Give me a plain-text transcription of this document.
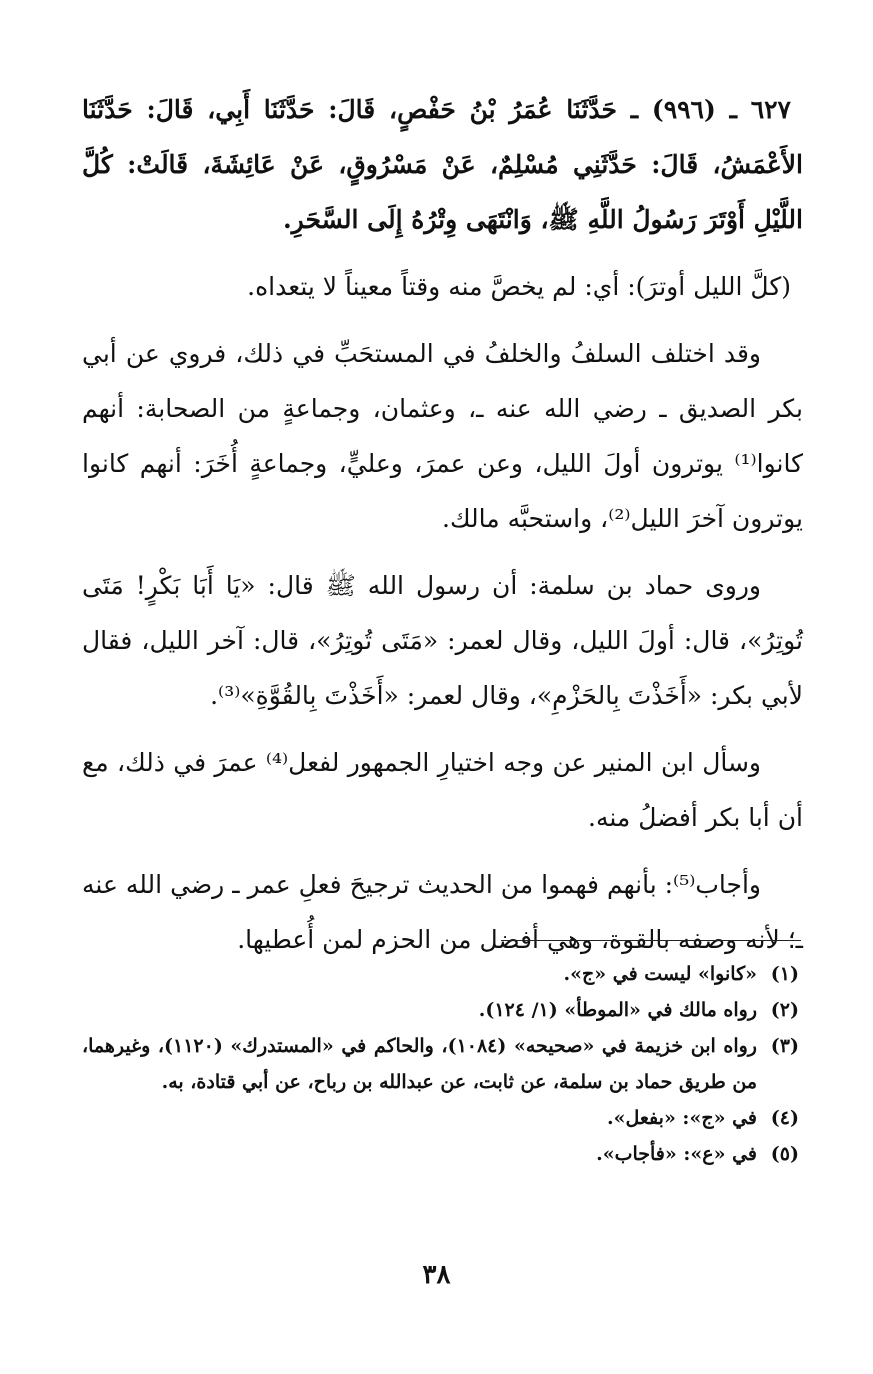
٦٢٧ ـ (٩٩٦) ـ حَدَّثَنَا عُمَرُ بْنُ حَفْصٍ، قَالَ: حَدَّثَنَا أَبِي، قَالَ: حَدَّثَنَا الأَعْمَشُ، قَالَ: حَدَّثَنِي مُسْلِمٌ، عَنْ مَسْرُوقٍ، عَنْ عَائِشَةَ، قَالَتْ: كُلَّ اللَّيْلِ أَوْتَرَ رَسُولُ اللَّهِ ﷺ، وَانْتَهَى وِتْرُهُ إِلَى السَّحَرِ.

(كلَّ الليل أوترَ): أي: لم يخصَّ منه وقتاً معيناً لا يتعداه.

وقد اختلف السلفُ والخلفُ في المستحَبِّ في ذلك، فروي عن أبي بكر الصديق ـ رضي الله عنه ـ، وعثمان، وجماعةٍ من الصحابة: أنهم كانوا⁽¹⁾ يوترون أولَ الليل، وعن عمرَ، وعليٍّ، وجماعةٍ أُخَرَ: أنهم كانوا يوترون آخرَ الليل⁽²⁾، واستحبَّه مالك.

وروى حماد بن سلمة: أن رسول الله ﷺ قال: «يَا أَبَا بَكْرٍ! مَتَى تُوتِرُ»، قال: أولَ الليل، وقال لعمر: «مَتَى تُوتِرُ»، قال: آخر الليل، فقال لأبي بكر: «أَخَذْتَ بِالحَزْمِ»، وقال لعمر: «أَخَذْتَ بِالقُوَّةِ»⁽³⁾.

وسأل ابن المنير عن وجه اختيارِ الجمهور لفعل⁽⁴⁾ عمرَ في ذلك، مع أن أبا بكر أفضلُ منه.

وأجاب⁽⁵⁾: بأنهم فهموا من الحديث ترجيحَ فعلِ عمر ـ رضي الله عنه ـ؛ لأنه وصفه بالقوة، وهي أفضل من الحزم لمن أُعطيها.

(١)
«كانوا» ليست في «ج».
(٢)
رواه مالك في «الموطأ» (١/ ١٢٤).
(٣)
رواه ابن خزيمة في «صحيحه» (١٠٨٤)، والحاكم في «المستدرك» (١١٢٠)، وغيرهما، من طريق حماد بن سلمة، عن ثابت، عن عبدالله بن رباح، عن أبي قتادة، به.
(٤)
في «ج»: «بفعل».
(٥)
في «ع»: «فأجاب».
٣٨
